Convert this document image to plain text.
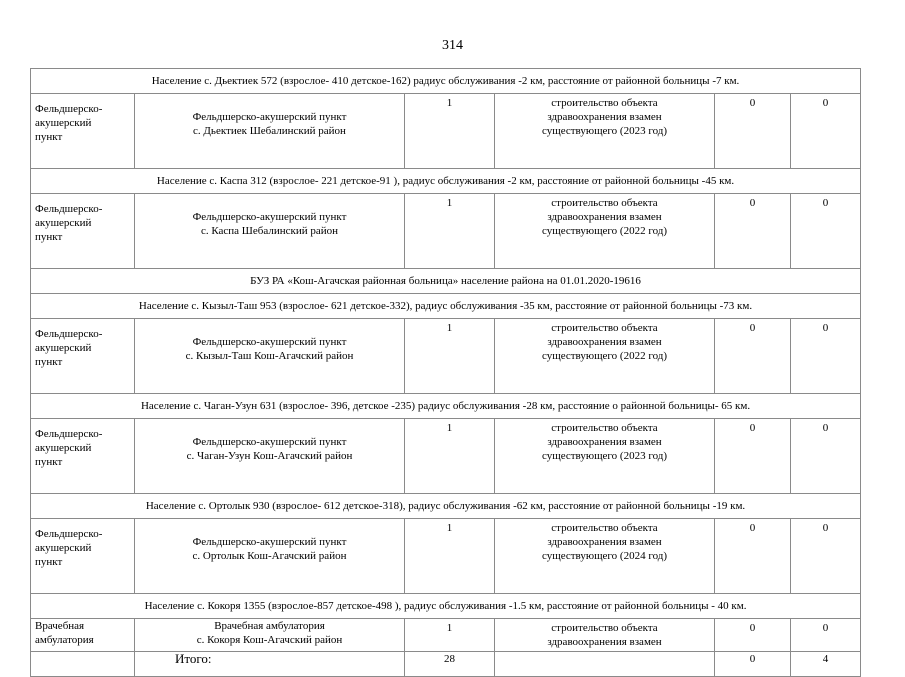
314
Население с. Дьектиек 572 (взрослое- 410 детское-162) радиус обслуживания -2 км, расстояние от районной больницы -7 км.					

Фельдшерско-
акушерский
пункт	Фельдшерско-акушерский пункт
с. Дьектиек Шебалинский район	1	строительство объекта
здравоохранения взамен
существующего (2023 год)	0	0
Население с. Каспа 312 (взрослое- 221 детское-91 ), радиус обслуживания -2 км, расстояние от районной больницы -45 км.					

Фельдшерско-
акушерский
пункт	Фельдшерско-акушерский пункт
с. Каспа Шебалинский район	1	строительство объекта
здравоохранения взамен
существующего (2022 год)	0	0
БУЗ РА «Кош-Агачская районная больница» население района на 01.01.2020-19616					
Население с. Кызыл-Таш 953 (взрослое- 621 детское-332), радиус обслуживания -35 км, расстояние от районной больницы -73 км.					

Фельдшерско-
акушерский
пункт	Фельдшерско-акушерский пункт
с. Кызыл-Таш Кош-Агачский район	1	строительство объекта
здравоохранения взамен
существующего (2022 год)	0	0
Население с. Чаган-Узун 631 (взрослое- 396, детское -235) радиус обслуживания -28 км, расстояние о районной больницы- 65 км.					

Фельдшерско-
акушерский
пункт	Фельдшерско-акушерский пункт
с. Чаган-Узун Кош-Агачский район	1	строительство объекта
здравоохранения взамен
существующего (2023 год)	0	0
Население с. Ортолык 930 (взрослое- 612 детское-318), радиус обслуживания -62 км, расстояние от районной больницы -19 км.					

Фельдшерско-
акушерский
пункт	Фельдшерско-акушерский пункт
с. Ортолык Кош-Агачский район	1	строительство объекта
здравоохранения взамен
существующего (2024 год)	0	0
Население с. Кокоря 1355 (взрослое-857 детское-498 ), радиус обслуживания -1.5 км, расстояние от районной больницы - 40 км.					

Врачебная
амбулатория	Врачебная амбулатория
с. Кокоря Кош-Агачский район	1	строительство объекта
здравоохранения взамен	0	0
	Итого:	28		0	4
